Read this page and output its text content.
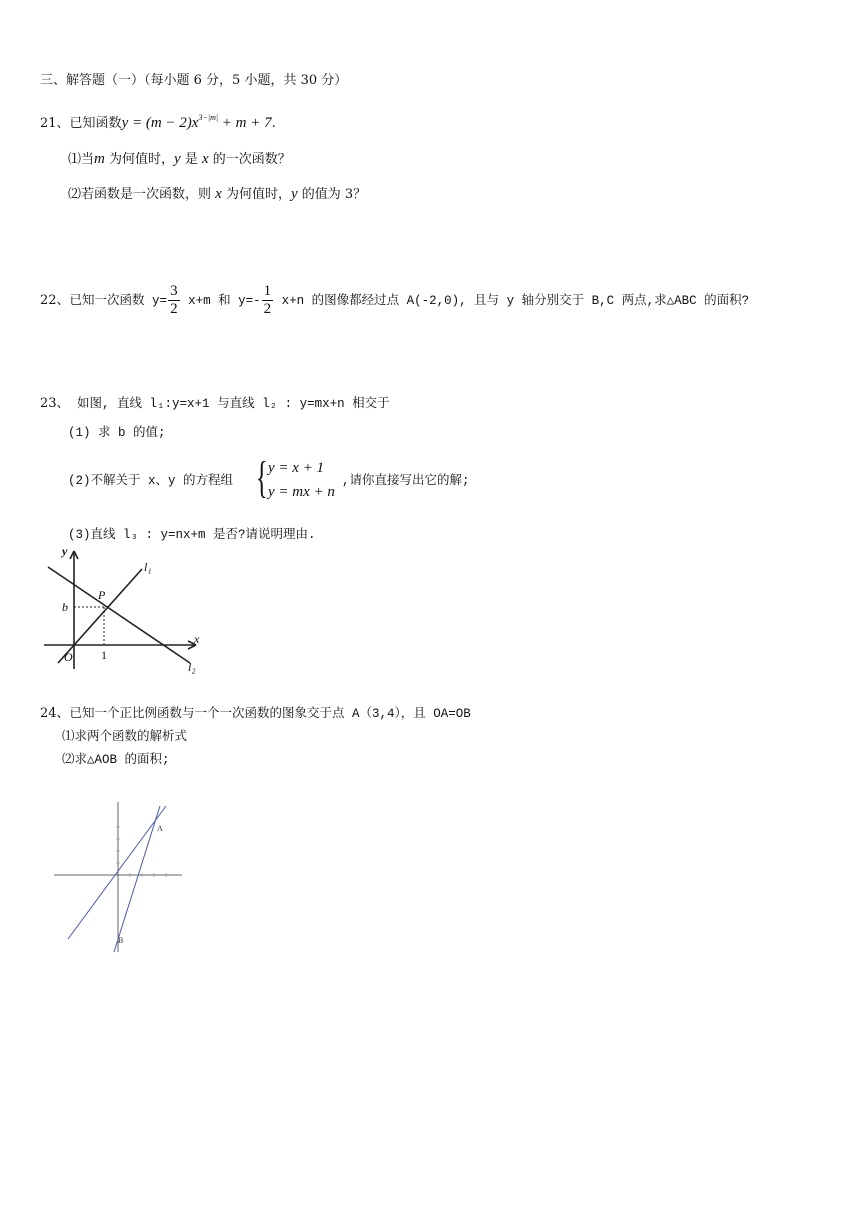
三、解答题（一）（每小题 6 分，5 小题，共 30 分）
21、已知函数$y = (m - 2)x^{3-|m|} + m + 7$.
⑴当m 为何值时，y 是 x 的一次函数？
⑵若函数是一次函数，则 x 为何值时，y 的值为 3？
22、已知一次函数 $y= \frac{3}{2} x+m$ 和 $y=- \frac{1}{2} x+n$ 的图像都经过点 A(-2,0), 且与 y 轴分别交于 B,C 两点,求△ABC 的面积?
23、 如图, 直线 l₁:y=x+1 与直线 l₂ : y=mx+n 相交于
(1) 求 b 的值;
(2)不解关于 x、y 的方程组 { y = x + 1
y = mx + n
,请你直接写出它的解;
(3)直线 l₃ : y=nx+m 是否?请说明理由.
y
x
O
b
1
P
l₁
l₂
24、已知一个正比例函数与一个一次函数的图象交于点 A（3,4），且 OA=OB
⑴求两个函数的解析式
⑵求△AOB 的面积;
A
B
